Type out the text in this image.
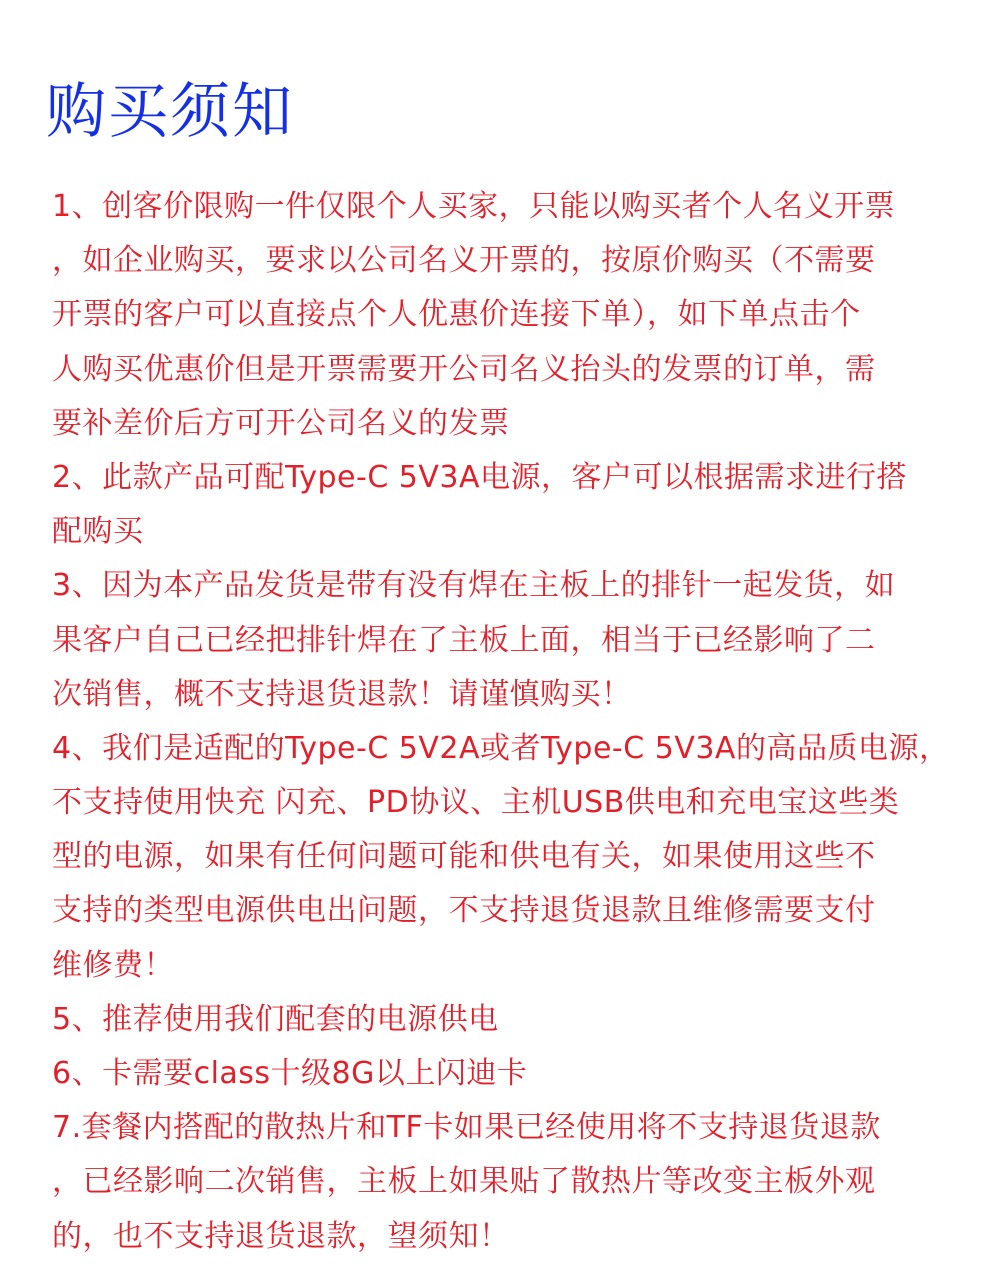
购买须知
1、创客价限购一件仅限个人买家，只能以购买者个人名义开票
，如企业购买，要求以公司名义开票的，按原价购买（不需要
开票的客户可以直接点个人优惠价连接下单），如下单点击个
人购买优惠价但是开票需要开公司名义抬头的发票的订单，需
要补差价后方可开公司名义的发票
2、此款产品可配Type-C 5V3A电源，客户可以根据需求进行搭
配购买
3、因为本产品发货是带有没有焊在主板上的排针一起发货，如
果客户自己已经把排针焊在了主板上面，相当于已经影响了二
次销售，概不支持退货退款！请谨慎购买！
4、我们是适配的Type-C 5V2A或者Type-C 5V3A的高品质电源，
不支持使用快充 闪充、PD协议、主机USB供电和充电宝这些类
型的电源，如果有任何问题可能和供电有关，如果使用这些不
支持的类型电源供电出问题，不支持退货退款且维修需要支付
维修费！
5、推荐使用我们配套的电源供电
6、卡需要class十级8G以上闪迪卡
7.套餐内搭配的散热片和TF卡如果已经使用将不支持退货退款
，已经影响二次销售，主板上如果贴了散热片等改变主板外观
的，也不支持退货退款，望须知！
